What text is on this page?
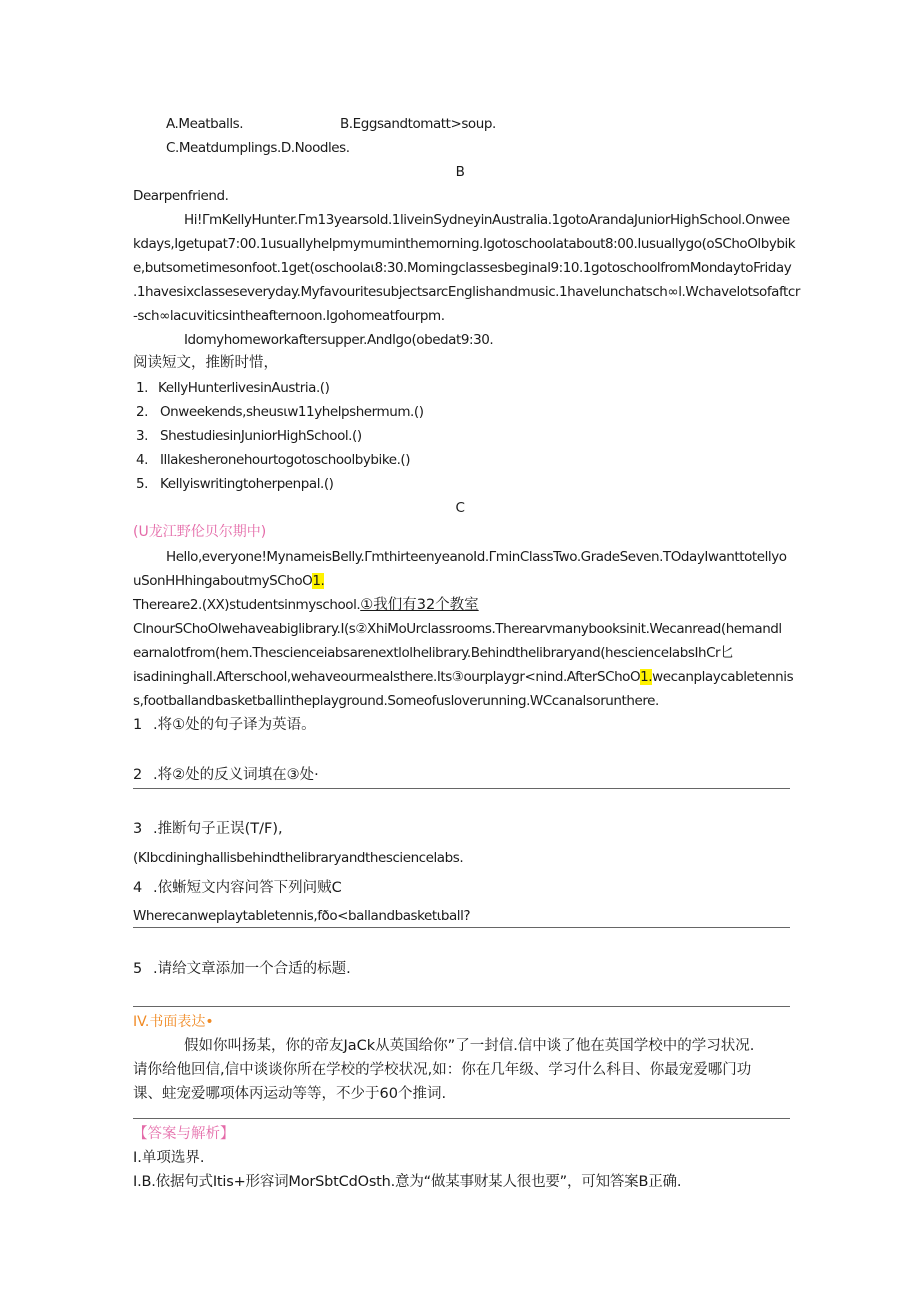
A.Meatballs.	B.Eggsandtomatt>soup.
C.Meatdumplings.D.Noodles.
B
Dearpenfriend.
Hi!ΓmKellyHunter.Γm13yearsold.1liveinSydneyinAustralia.1gotoArandaJuniorHighSchool.Onwee
kdays,Igetupat7:00.1usuallyhelpmymuminthemorning.Igotoschoolatabout8:00.Iusuallygo(oSChoOlbybik
e,butsometimesonfoot.1get(oschoolaι8:30.Momingclassesbeginal9:10.1gotoschoolfromMondaytoFriday
.1havesixclasseseveryday.MyfavouritesubjectsarcEnglishandmusic.1havelunchatsch∞l.Wchavelotsofaftcr
-sch∞lacuviticsintheafternoon.Igohomeatfourpm.
Idomyhomeworkaftersupper.AndIgo(obedat9:30.
阅读短文，推断时惜，
1. KellyHunterlivesinAustria.()
2. Onweekends,sheusιw11yhelpshermum.()
3. ShestudiesinJuniorHighSchool.()
4. Illakesheronehourtogotoschoolbybike.()
5. Kellyiswritingtoherpenpal.()
C
(U龙江野伦贝尔期中)
Hello,everyone!MynameisBelly.ΓmthirteenyeanoId.ΓminClassTwo.GradeSeven.TOdayIwanttotellyo
uSonHHhingaboutmySChoO1.
Thereare2.(XX)studentsinmyschool.①我们有32个教室
CInourSChoOlwehaveabiglibrary.I(s②XhiMoUrclassrooms.Therearvmanybooksinit.Wecanread(hemandl
earnalotfrom(hem.Thescienceiabsarenextlolhelibrary.Behindthelibraryand(hesciencelabsIhCr匕
isadininghall.Afterschool,wehaveourmealsthere.Its③ourplaygr<nind.AfterSChoO1.wecanplaycabletennis
s,footballandbasketballintheplayground.Someofusloverunning.WCcanalsorunthere.
1 .将①处的句子译为英语。
2 .将②处的反义词填在③处·
3 .推断句子正误(T/F),
(KIbcdininghallisbehindthelibraryandthesciencelabs.
4 .依蜥短文内容问答下列问贼C
Wherecanweplaytabletennis,fðo<ballandbasketιball?
5 .请给文章添加一个合适的标题.
IV.书面表达•
假如你叫扬某，你的帝友JaCk从英国给你”了一封信.信中谈了他在英国学校中的学习状况.
请你给他回信,信中谈谈你所在学校的学校状况,如：你在几年级、学习什么科目、你最宠爱哪门功
课、蛀宠爱哪项体丙运动等等，不少于60个推词.
【答案与解析】
I.单项选界.
I.B.依据句式Itis+形容词MorSbtCdOsth.意为“做某事财某人很也要”，可知答案B正确.
